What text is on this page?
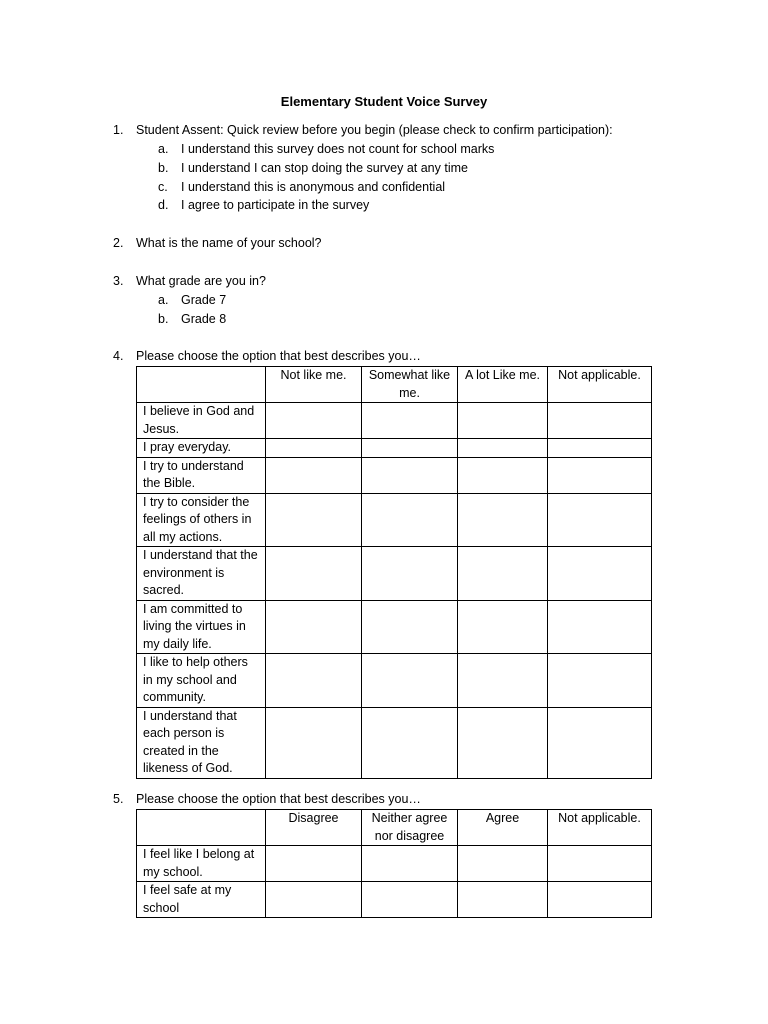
Elementary Student Voice Survey
1. Student Assent: Quick review before you begin (please check to confirm participation):
a. I understand this survey does not count for school marks
b. I understand I can stop doing the survey at any time
c. I understand this is anonymous and confidential
d. I agree to participate in the survey
2. What is the name of your school?
3. What grade are you in?
a. Grade 7
b. Grade 8
4. Please choose the option that best describes you…
	Not like me.	Somewhat like me.	A lot Like me.	Not applicable.
I believe in God and Jesus.				
I pray everyday.				
I try to understand the Bible.				
I try to consider the feelings of others in all my actions.				
I understand that the environment is sacred.				
I am committed to living the virtues in my daily life.				
I like to help others in my school and community.				
I understand that each person is created in the likeness of God.				
5. Please choose the option that best describes you…
	Disagree	Neither agree nor disagree	Agree	Not applicable.
I feel like I belong at my school.				
I feel safe at my school				
